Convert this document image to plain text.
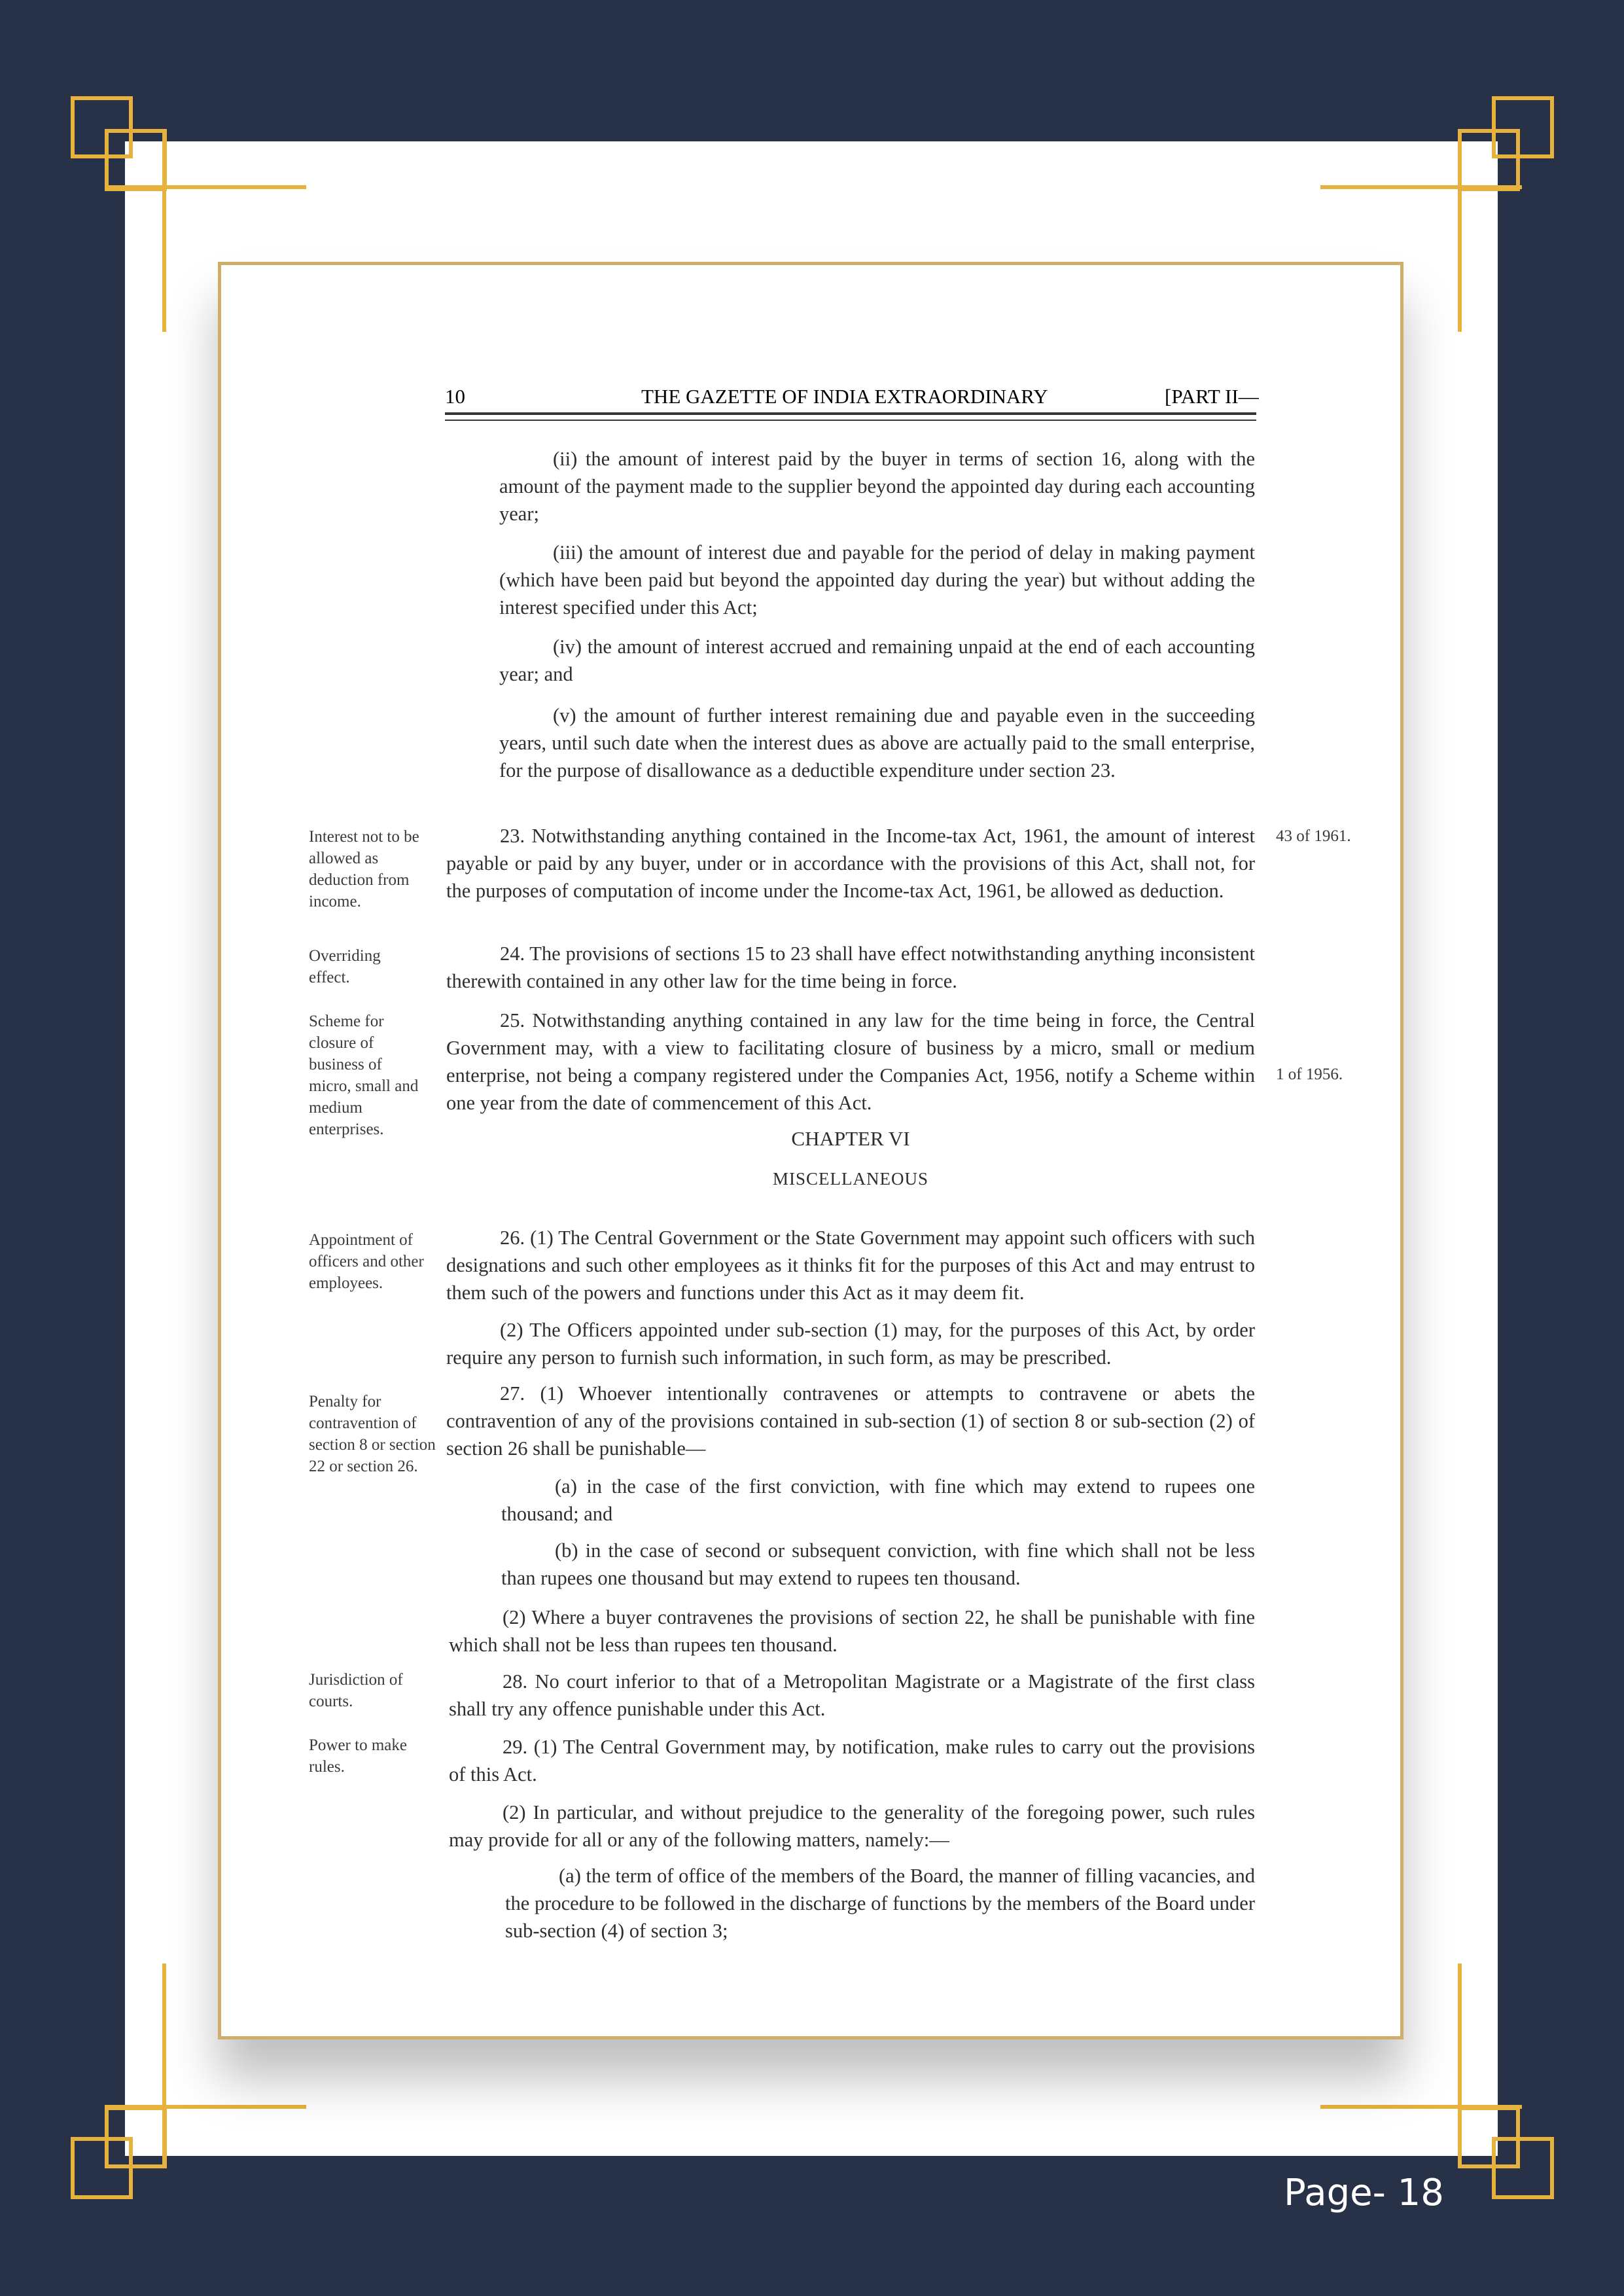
10	THE GAZETTE OF INDIA EXTRAORDINARY	[PART II—
(ii) the amount of interest paid by the buyer in terms of section 16, along with the amount of the payment made to the supplier beyond the appointed day during each accounting year;
(iii) the amount of interest due and payable for the period of delay in making payment (which have been paid but beyond the appointed day during the year) but without adding the interest specified under this Act;
(iv) the amount of interest accrued and remaining unpaid at the end of each accounting year; and
(v) the amount of further interest remaining due and payable even in the succeeding years, until such date when the interest dues as above are actually paid to the small enterprise, for the purpose of disallowance as a deductible expenditure under section 23.
23. Notwithstanding anything contained in the Income-tax Act, 1961, the amount of interest payable or paid by any buyer, under or in accordance with the provisions of this Act, shall not, for the purposes of computation of income under the Income-tax Act, 1961, be allowed as deduction.
24. The provisions of sections 15 to 23 shall have effect notwithstanding anything inconsistent therewith contained in any other law for the time being in force.
25. Notwithstanding anything contained in any law for the time being in force, the Central Government may, with a view to facilitating closure of business by a micro, small or medium enterprise, not being a company registered under the Companies Act, 1956, notify a Scheme within one year from the date of commencement of this Act.
CHAPTER VI
MISCELLANEOUS
26. (1) The Central Government or the State Government may appoint such officers with such designations and such other employees as it thinks fit for the purposes of this Act and may entrust to them such of the powers and functions under this Act as it may deem fit.
(2) The Officers appointed under sub-section (1) may, for the purposes of this Act, by order require any person to furnish such information, in such form, as may be prescribed.
27. (1) Whoever intentionally contravenes or attempts to contravene or abets the contravention of any of the provisions contained in sub-section (1) of section 8 or sub-section (2) of section 26 shall be punishable—
(a) in the case of the first conviction, with fine which may extend to rupees one thousand; and
(b) in the case of second or subsequent conviction, with fine which shall not be less than rupees one thousand but may extend to rupees ten thousand.
(2) Where a buyer contravenes the provisions of section 22, he shall be punishable with fine which shall not be less than rupees ten thousand.
28. No court inferior to that of a Metropolitan Magistrate or a Magistrate of the first class shall try any offence punishable under this Act.
29. (1) The Central Government may, by notification, make rules to carry out the provisions of this Act.
(2) In particular, and without prejudice to the generality of the foregoing power, such rules may provide for all or any of the following matters, namely:—
(a) the term of office of the members of the Board, the manner of filling vacancies, and the procedure to be followed in the discharge of functions by the members of the Board under sub-section (4) of section 3;
Interest not to be allowed as deduction from income.
Overriding effect.
Scheme for closure of business of micro, small and medium enterprises.
Appointment of officers and other employees.
Penalty for contravention of section 8 or section 22 or section 26.
Jurisdiction of courts.
Power to make rules.
43 of 1961.
1 of 1956.
Page- 18
